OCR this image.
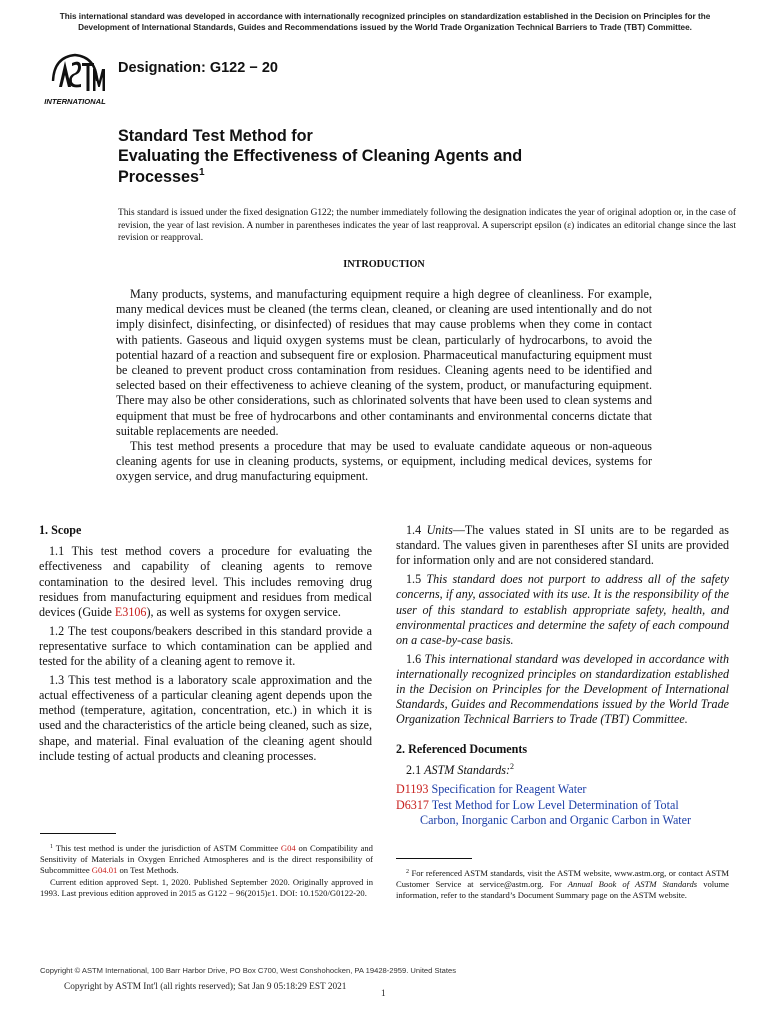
This international standard was developed in accordance with internationally recognized principles on standardization established in the Decision on Principles for the Development of International Standards, Guides and Recommendations issued by the World Trade Organization Technical Barriers to Trade (TBT) Committee.
INTERNATIONAL
Designation: G122 − 20
Standard Test Method for
Evaluating the Effectiveness of Cleaning Agents and
Processes$^1$
This standard is issued under the fixed designation G122; the number immediately following the designation indicates the year of original adoption or, in the case of revision, the year of last revision. A number in parentheses indicates the year of last reapproval. A superscript epsilon (ε) indicates an editorial change since the last revision or reapproval.
INTRODUCTION

Many products, systems, and manufacturing equipment require a high degree of cleanliness. For example, many medical devices must be cleaned (the terms clean, cleaned, or cleaning are used intentionally and do not imply disinfect, disinfecting, or disinfected) of residues that may cause problems when they come in contact with patients. Gaseous and liquid oxygen systems must be clean, particularly of hydrocarbons, to avoid the potential hazard of a reaction and subsequent fire or explosion. Pharmaceutical manufacturing equipment must be cleaned to prevent product cross contamination from residues. Cleaning agents need to be identified and selected based on their effectiveness to achieve cleaning of the system, product, or manufacturing equipment. There may also be other considerations, such as chlorinated solvents that have been used to clean systems and equipment that must be free of hydrocarbons and other contaminants and environmental concerns dictate that suitable replacements are needed.

This test method presents a procedure that may be used to evaluate candidate aqueous or non-aqueous cleaning agents for use in cleaning products, systems, or equipment, including medical devices, systems for oxygen service, and drug manufacturing equipment.

1. Scope

1.1 This test method covers a procedure for evaluating the effectiveness and capability of cleaning agents to remove contamination to the desired level. This includes removing drug residues from manufacturing equipment and residues from medical devices (Guide E3106), as well as systems for oxygen service.

1.2 The test coupons/beakers described in this standard provide a representative surface to which contamination can be applied and tested for the ability of a cleaning agent to remove it.

1.3 This test method is a laboratory scale approximation and the actual effectiveness of a particular cleaning agent depends upon the method (temperature, agitation, concentration, etc.) in which it is used and the characteristics of the article being cleaned, such as size, shape, and material. Final evaluation of the cleaning agent should include testing of actual products and cleaning processes.

1.4 Units—The values stated in SI units are to be regarded as standard. The values given in parentheses after SI units are provided for information only and are not considered standard.

1.5 This standard does not purport to address all of the safety concerns, if any, associated with its use. It is the responsibility of the user of this standard to establish appropriate safety, health, and environmental practices and determine the safety of each compound on a case-by-case basis.

1.6 This international standard was developed in accordance with internationally recognized principles on standardization established in the Decision on Principles for the Development of International Standards, Guides and Recommendations issued by the World Trade Organization Technical Barriers to Trade (TBT) Committee.

2. Referenced Documents

2.1 ASTM Standards:$^2$

D1193 Specification for Reagent Water
D6317 Test Method for Low Level Determination of Total
Carbon, Inorganic Carbon and Organic Carbon in Water

$^1$ This test method is under the jurisdiction of ASTM Committee G04 on Compatibility and Sensitivity of Materials in Oxygen Enriched Atmospheres and is the direct responsibility of Subcommittee G04.01 on Test Methods.

Current edition approved Sept. 1, 2020. Published September 2020. Originally approved in 1993. Last previous edition approved in 2015 as G122 − 96(2015)ε1. DOI: 10.1520/G0122-20.

$^2$ For referenced ASTM standards, visit the ASTM website, www.astm.org, or contact ASTM Customer Service at service@astm.org. For Annual Book of ASTM Standards volume information, refer to the standard’s Document Summary page on the ASTM website.

Copyright © ASTM International, 100 Barr Harbor Drive, PO Box C700, West Conshohocken, PA 19428-2959. United States
Copyright by ASTM Int'l (all rights reserved); Sat Jan 9 05:18:29 EST 2021
1
